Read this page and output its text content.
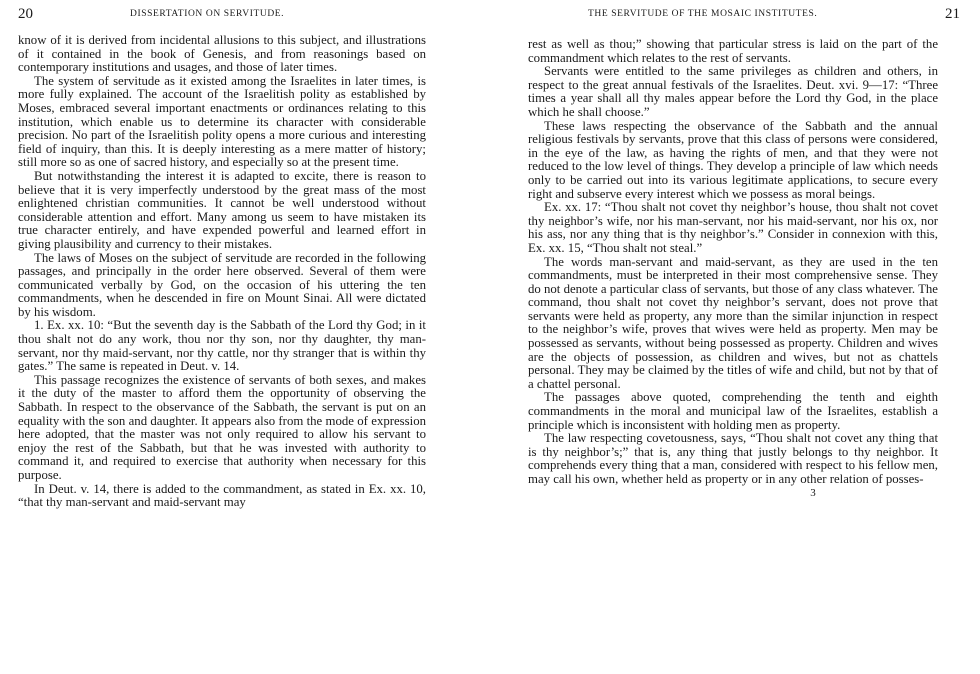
20	DISSERTATION ON SERVITUDE.

know of it is derived from incidental allusions to this subject, and illustrations of it contained in the book of Genesis, and from reasonings based on contemporary institutions and usages, and those of later times.

The system of servitude as it existed among the Israelites in later times, is more fully explained. The account of the Israelitish polity as established by Moses, embraced several important enactments or ordinances relating to this institution, which enable us to determine its character with considerable precision. No part of the Israelitish polity opens a more curious and interesting field of inquiry, than this. It is deeply interesting as a mere matter of history; still more so as one of sacred history, and especially so at the present time.

But notwithstanding the interest it is adapted to excite, there is reason to believe that it is very imperfectly understood by the great mass of the most enlightened christian communities. It cannot be well understood without considerable attention and effort. Many among us seem to have mistaken its true character entirely, and have expended powerful and learned effort in giving plausibility and currency to their mistakes.

The laws of Moses on the subject of servitude are recorded in the following passages, and principally in the order here observed. Several of them were communicated verbally by God, on the occasion of his uttering the ten commandments, when he descended in fire on Mount Sinai. All were dictated by his wisdom.

1. Ex. xx. 10: “But the seventh day is the Sabbath of the Lord thy God; in it thou shalt not do any work, thou nor thy son, nor thy daughter, thy man-servant, nor thy maid-servant, nor thy cattle, nor thy stranger that is within thy gates.” The same is repeated in Deut. v. 14.

This passage recognizes the existence of servants of both sexes, and makes it the duty of the master to afford them the opportunity of observing the Sabbath. In respect to the observance of the Sabbath, the servant is put on an equality with the son and daughter. It appears also from the mode of expression here adopted, that the master was not only required to allow his servant to enjoy the rest of the Sabbath, but that he was invested with authority to command it, and required to exercise that authority when necessary for this purpose.

In Deut. v. 14, there is added to the commandment, as stated in Ex. xx. 10, “that thy man-servant and maid-servant may

THE SERVITUDE OF THE MOSAIC INSTITUTES.	21

rest as well as thou;” showing that particular stress is laid on the part of the commandment which relates to the rest of servants.

Servants were entitled to the same privileges as children and others, in respect to the great annual festivals of the Israelites. Deut. xvi. 9—17: “Three times a year shall all thy males appear before the Lord thy God, in the place which he shall choose.”

These laws respecting the observance of the Sabbath and the annual religious festivals by servants, prove that this class of persons were considered, in the eye of the law, as having the rights of men, and that they were not reduced to the low level of things. They develop a principle of law which needs only to be carried out into its various legitimate applications, to secure every right and subserve every interest which we possess as moral beings.

Ex. xx. 17: “Thou shalt not covet thy neighbor’s house, thou shalt not covet thy neighbor’s wife, nor his man-servant, nor his maid-servant, nor his ox, nor his ass, nor any thing that is thy neighbor’s.” Consider in connexion with this, Ex. xx. 15, “Thou shalt not steal.”

The words man-servant and maid-servant, as they are used in the ten commandments, must be interpreted in their most comprehensive sense. They do not denote a particular class of servants, but those of any class whatever. The command, thou shalt not covet thy neighbor’s servant, does not prove that servants were held as property, any more than the similar injunction in respect to the neighbor’s wife, proves that wives were held as property. Men may be possessed as servants, without being possessed as property. Children and wives are the objects of possession, as children and wives, but not as chattels personal. They may be claimed by the titles of wife and child, but not by that of a chattel personal.

The passages above quoted, comprehending the tenth and eighth commandments in the moral and municipal law of the Israelites, establish a principle which is inconsistent with holding men as property.

The law respecting covetousness, says, “Thou shalt not covet any thing that is thy neighbor’s;” that is, any thing that justly belongs to thy neighbor. It comprehends every thing that a man, considered with respect to his fellow men, may call his own, whether held as property or in any other relation of posses-

3
